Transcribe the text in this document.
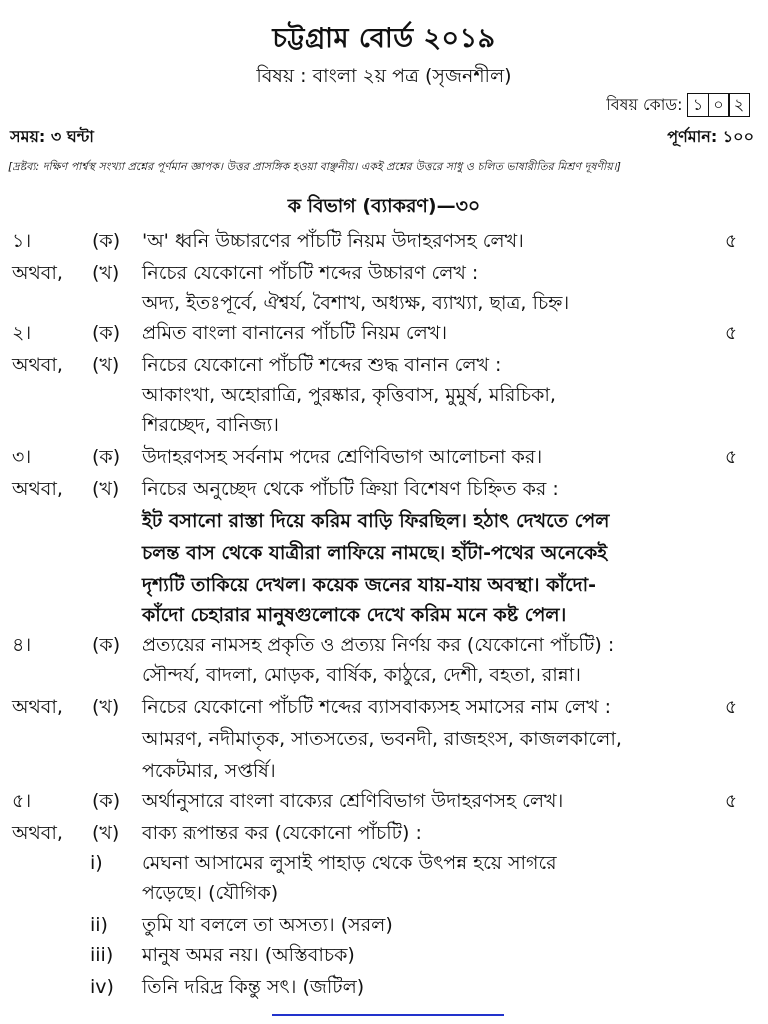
চট্টগ্রাম বোর্ড ২০১৯
বিষয় : বাংলা ২য় পত্র (সৃজনশীল)
বিষয় কোড: ১ ০ ২
সময়: ৩ ঘন্টা	পূর্ণমান: ১০০
[দ্রষ্টব্য: দক্ষিণ পার্শ্বস্থ সংখ্যা প্রশ্নের পূর্ণমান জ্ঞাপক। উত্তর প্রাসঙ্গিক হওয়া বাঞ্ছনীয়। একই প্রশ্নের উত্তরে সাধু ও চলিত ভাষারীতির মিশ্রণ দূষণীয়।]
ক বিভাগ (ব্যাকরণ)—৩০
১।	(ক)	'অ' ধ্বনি উচ্চারণের পাঁচটি নিয়ম উদাহরণসহ লেখ।	৫
অথবা, (খ)	নিচের যেকোনো পাঁচটি শব্দের উচ্চারণ লেখ :
অদ্য, ইতঃপূর্বে, ঐশ্বর্য, বৈশাখ, অধ্যক্ষ, ব্যাখ্যা, ছাত্র, চিহ্ন।
২।	(ক)	প্রমিত বাংলা বানানের পাঁচটি নিয়ম লেখ।	৫
অথবা, (খ)	নিচের যেকোনো পাঁচটি শব্দের শুদ্ধ বানান লেখ :
আকাংখা, অহোরাত্রি, পুরষ্কার, কৃত্তিবাস, মুমুর্ষ, মরিচিকা,
শিরচ্ছেদ, বানিজ্য।
৩।	(ক)	উদাহরণসহ সর্বনাম পদের শ্রেণিবিভাগ আলোচনা কর।	৫
অথবা, (খ)	নিচের অনুচ্ছেদ থেকে পাঁচটি ক্রিয়া বিশেষণ চিহ্নিত কর :
ইট বসানো রাস্তা দিয়ে করিম বাড়ি ফিরছিল। হঠাৎ দেখতে পেল
চলন্ত বাস থেকে যাত্রীরা লাফিয়ে নামছে। হাঁটা-পথের অনেকেই
দৃশ্যটি তাকিয়ে দেখল। কয়েক জনের যায়-যায় অবস্থা। কাঁদো-
কাঁদো চেহারার মানুষগুলোকে দেখে করিম মনে কষ্ট পেল।
৪।	(ক)	প্রত্যয়ের নামসহ প্রকৃতি ও প্রত্যয় নির্ণয় কর (যেকোনো পাঁচটি) :
সৌন্দর্য, বাদলা, মোড়ক, বার্ষিক, কাঠুরে, দেশী, বহতা, রান্না।
অথবা, (খ)	নিচের যেকোনো পাঁচটি শব্দের ব্যাসবাক্যসহ সমাসের নাম লেখ :	৫
আমরণ, নদীমাতৃক, সাতসতের, ভবনদী, রাজহংস, কাজলকালো,
পকেটমার, সপ্তর্ষি।
৫।	(ক)	অর্থানুসারে বাংলা বাক্যের শ্রেণিবিভাগ উদাহরণসহ লেখ।	৫
অথবা, (খ)	বাক্য রূপান্তর কর (যেকোনো পাঁচটি) :
i)	মেঘনা আসামের লুসাই পাহাড় থেকে উৎপন্ন হয়ে সাগরে
পড়েছে। (যৌগিক)
ii)	তুমি যা বললে তা অসত্য। (সরল)
iii)	মানুষ অমর নয়। (অস্তিবাচক)
iv)	তিনি দরিদ্র কিন্তু সৎ। (জটিল)
